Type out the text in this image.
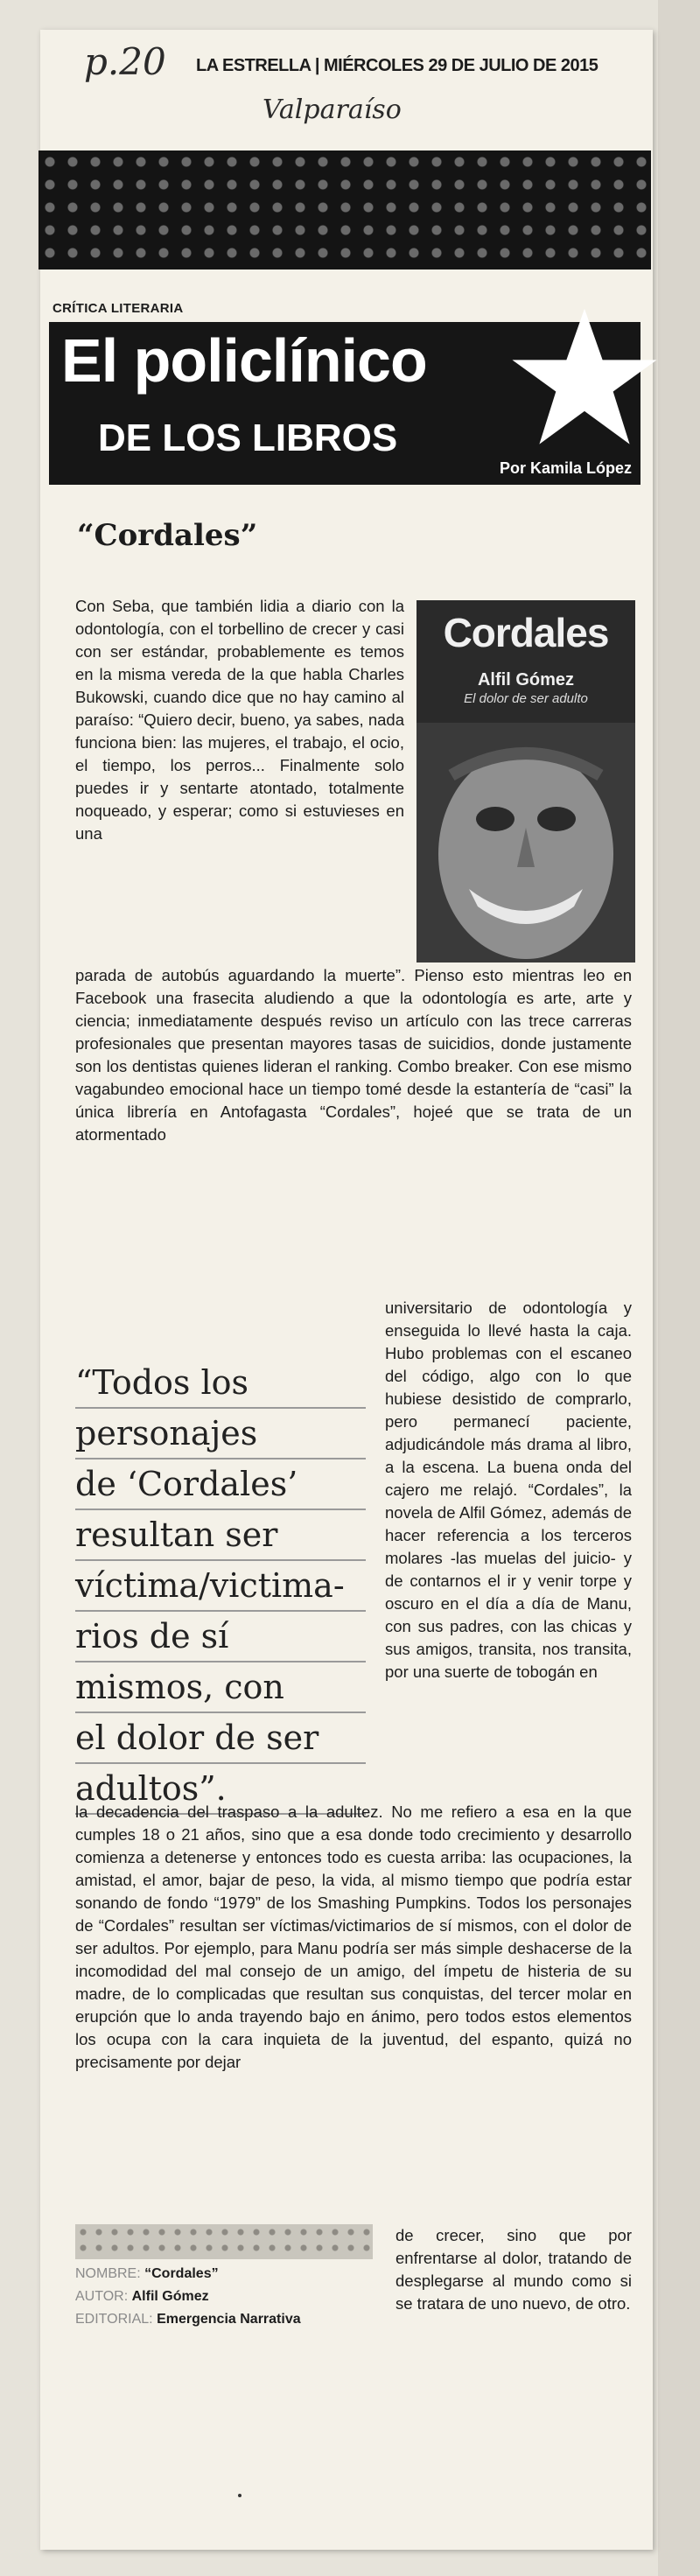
p.20 LA ESTRELLA | MIÉRCOLES 29 DE JULIO DE 2015
Valparaíso
CRÍTICA LITERARIA
El policlínico
DE LOS LIBROS
Por Kamila López
“Cordales”

Con Seba, que también lidia a diario con la odontología, con el torbellino de crecer y casi con ser estándar, probablemente es temos en la misma vereda de la que habla Charles Bukowski, cuando dice que no hay camino al paraíso: “Quiero decir, bueno, ya sabes, nada funciona bien: las mujeres, el trabajo, el ocio, el tiempo, los perros... Finalmente solo puedes ir y sentarte atontado, totalmente noqueado, y esperar; como si estuvieses en una

Cordales
Alfil Gómez
El dolor de ser adulto

parada de autobús aguardando la muerte”. Pienso esto mientras leo en Facebook una frasecita aludiendo a que la odontología es arte, arte y ciencia; inmediatamente después reviso un artículo con las trece carreras profesionales que presentan mayores tasas de suicidios, donde justamente son los dentistas quienes lideran el ranking. Combo breaker. Con ese mismo vagabundeo emocional hace un tiempo tomé desde la estantería de “casi” la única librería en Antofagasta “Cordales”, hojeé que se trata de un atormentado

“Todos los
personajes
de ‘Cordales’
resultan ser
víctima/victima-
rios de sí
mismos, con
el dolor de ser
adultos”.

universitario de odontología y enseguida lo llevé hasta la caja. Hubo problemas con el escaneo del código, algo con lo que hubiese desistido de comprarlo, pero permanecí paciente, adjudicándole más drama al libro, a la escena. La buena onda del cajero me relajó. “Cordales”, la novela de Alfil Gómez, además de hacer referencia a los terceros molares -las muelas del juicio- y de contarnos el ir y venir torpe y oscuro en el día a día de Manu, con sus padres, con las chicas y sus amigos, transita, nos transita, por una suerte de tobogán en

la decadencia del traspaso a la adultez. No me refiero a esa en la que cumples 18 o 21 años, sino que a esa donde todo crecimiento y desarrollo comienza a detenerse y entonces todo es cuesta arriba: las ocupaciones, la amistad, el amor, bajar de peso, la vida, al mismo tiempo que podría estar sonando de fondo “1979” de los Smashing Pumpkins. Todos los personajes de “Cordales” resultan ser víctimas/victimarios de sí mismos, con el dolor de ser adultos. Por ejemplo, para Manu podría ser más simple deshacerse de la incomodidad del mal consejo de un amigo, del ímpetu de histeria de su madre, de lo complicadas que resultan sus conquistas, del tercer molar en erupción que lo anda trayendo bajo en ánimo, pero todos estos elementos los ocupa con la cara inquieta de la juventud, del espanto, quizá no precisamente por dejar

NOMBRE: “Cordales”
AUTOR: Alfil Gómez
EDITORIAL: Emergencia Narrativa

de crecer, sino que por enfrentarse al dolor, tratando de desplegarse al mundo como si se tratara de uno nuevo, de otro.
